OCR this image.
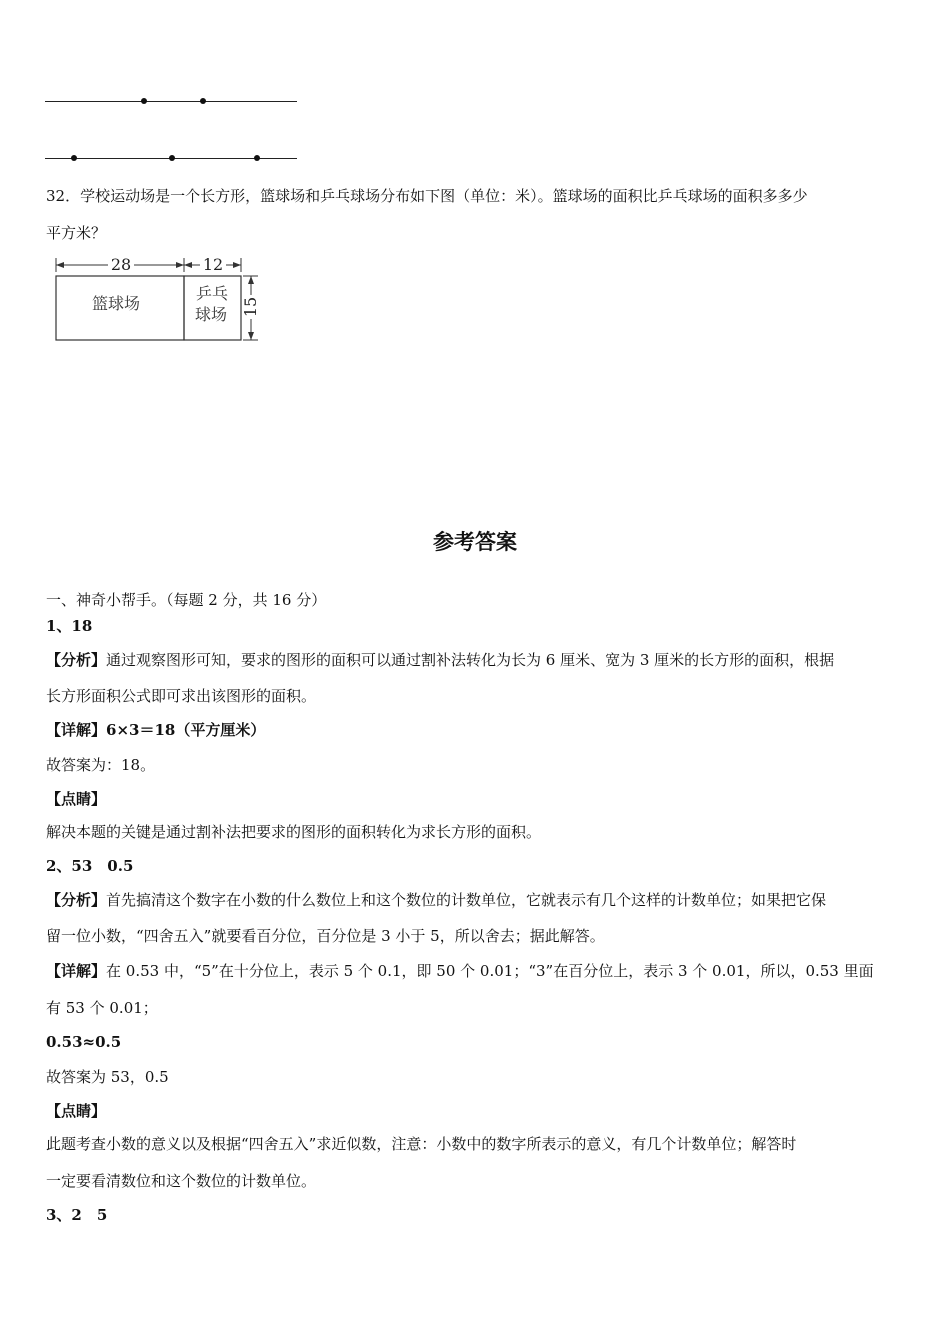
32．学校运动场是一个长方形，篮球场和乒乓球场分布如下图（单位：米）。篮球场的面积比乒乓球场的面积多多少
平方米？
28	12
篮球场
乒乓
球场 15
参考答案
一、神奇小帮手。（每题 2 分，共 16 分）
1、18
【分析】通过观察图形可知，要求的图形的面积可以通过割补法转化为长为 6 厘米、宽为 3 厘米的长方形的面积，根据
长方形面积公式即可求出该图形的面积。
【详解】6×3＝18（平方厘米）
故答案为：18。
【点睛】
解决本题的关键是通过割补法把要求的图形的面积转化为求长方形的面积。
2、53　0.5
【分析】首先搞清这个数字在小数的什么数位上和这个数位的计数单位，它就表示有几个这样的计数单位；如果把它保
留一位小数，“四舍五入”就要看百分位，百分位是 3 小于 5，所以舍去；据此解答。
【详解】在 0.53 中，“5”在十分位上，表示 5 个 0.1，即 50 个 0.01；“3”在百分位上，表示 3 个 0.01，所以，0.53 里面
有 53 个 0.01；
0.53≈0.5
故答案为 53，0.5
【点睛】
此题考查小数的意义以及根据“四舍五入”求近似数，注意：小数中的数字所表示的意义，有几个计数单位；解答时
一定要看清数位和这个数位的计数单位。
3、2　5
